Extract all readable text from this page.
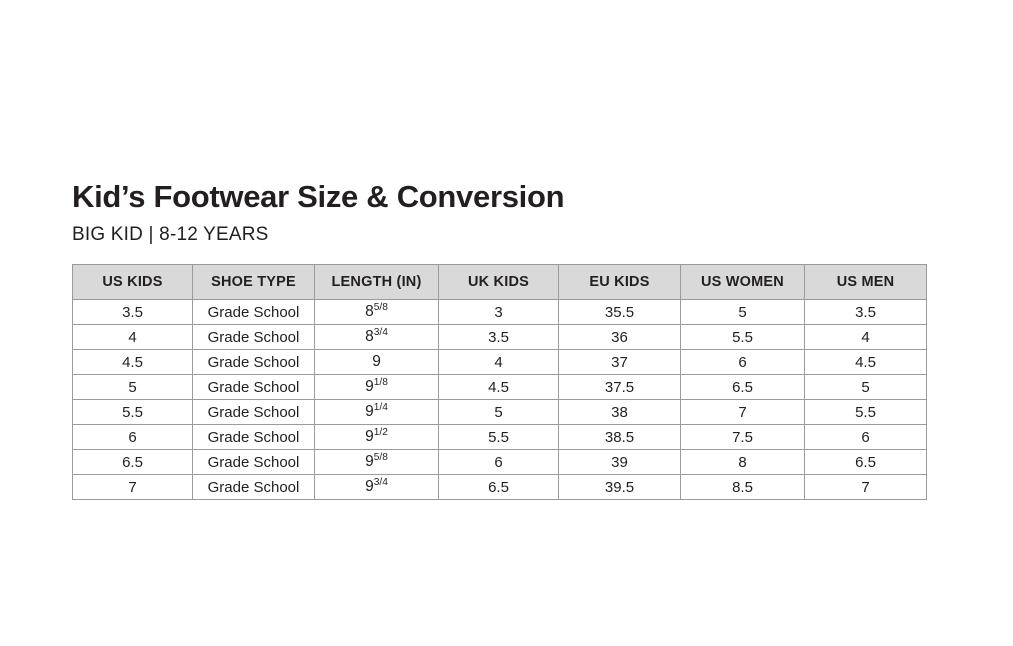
Kid’s Footwear Size & Conversion
BIG KID | 8-12 YEARS
US KIDS	SHOE TYPE	LENGTH (IN)	UK KIDS	EU KIDS	US WOMEN	US MEN
3.5	Grade School	$8^{5/8}$	3	35.5	5	3.5
4	Grade School	$8^{3/4}$	3.5	36	5.5	4
4.5	Grade School	9	4	37	6	4.5
5	Grade School	$9^{1/8}$	4.5	37.5	6.5	5
5.5	Grade School	$9^{1/4}$	5	38	7	5.5
6	Grade School	$9^{1/2}$	5.5	38.5	7.5	6
6.5	Grade School	$9^{5/8}$	6	39	8	6.5
7	Grade School	$9^{3/4}$	6.5	39.5	8.5	7
